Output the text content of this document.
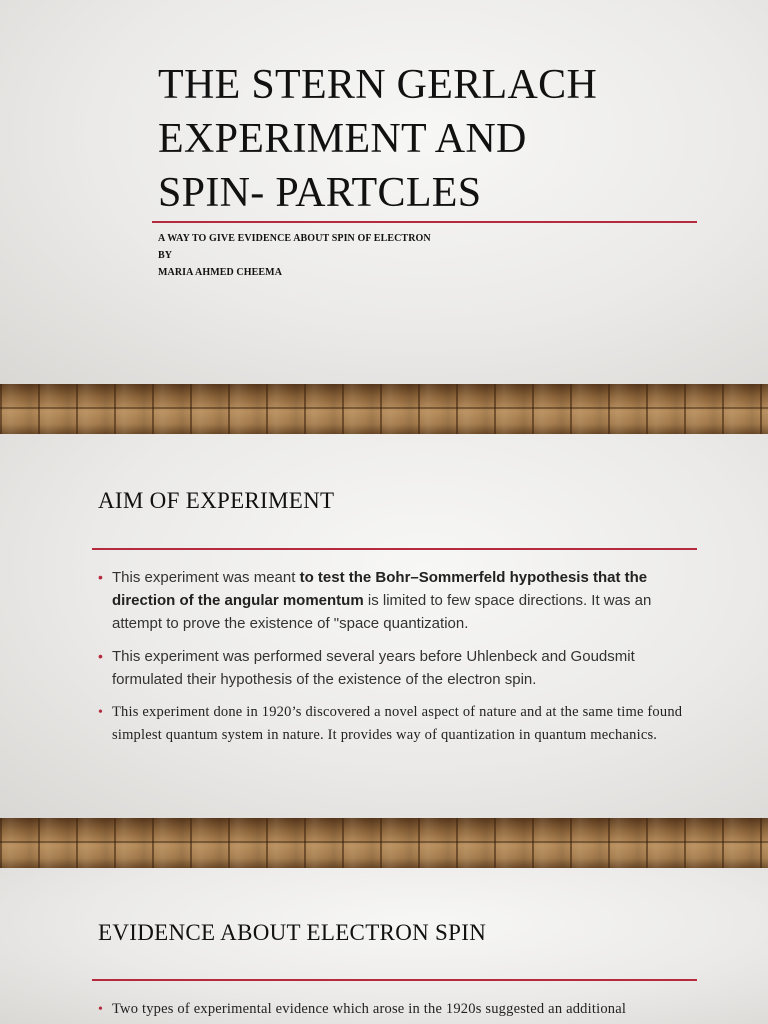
THE STERN GERLACH
EXPERIMENT AND
SPIN- PARTCLES
A WAY TO GIVE EVIDENCE ABOUT SPIN OF ELECTRON
BY
MARIA AHMED CHEEMA
AIM OF EXPERIMENT
• This experiment was meant to test the Bohr–Sommerfeld hypothesis that the direction of the angular momentum is limited to few space directions. It was an attempt to prove the existence of "space quantization.
• This experiment was performed several years before Uhlenbeck and Goudsmit formulated their hypothesis of the existence of the electron spin.
• This experiment done in 1920’s discovered a novel aspect of nature and at the same time found simplest quantum system in nature. It provides way of quantization in quantum mechanics.
EVIDENCE ABOUT ELECTRON SPIN
• Two types of experimental evidence which arose in the 1920s suggested an additional
